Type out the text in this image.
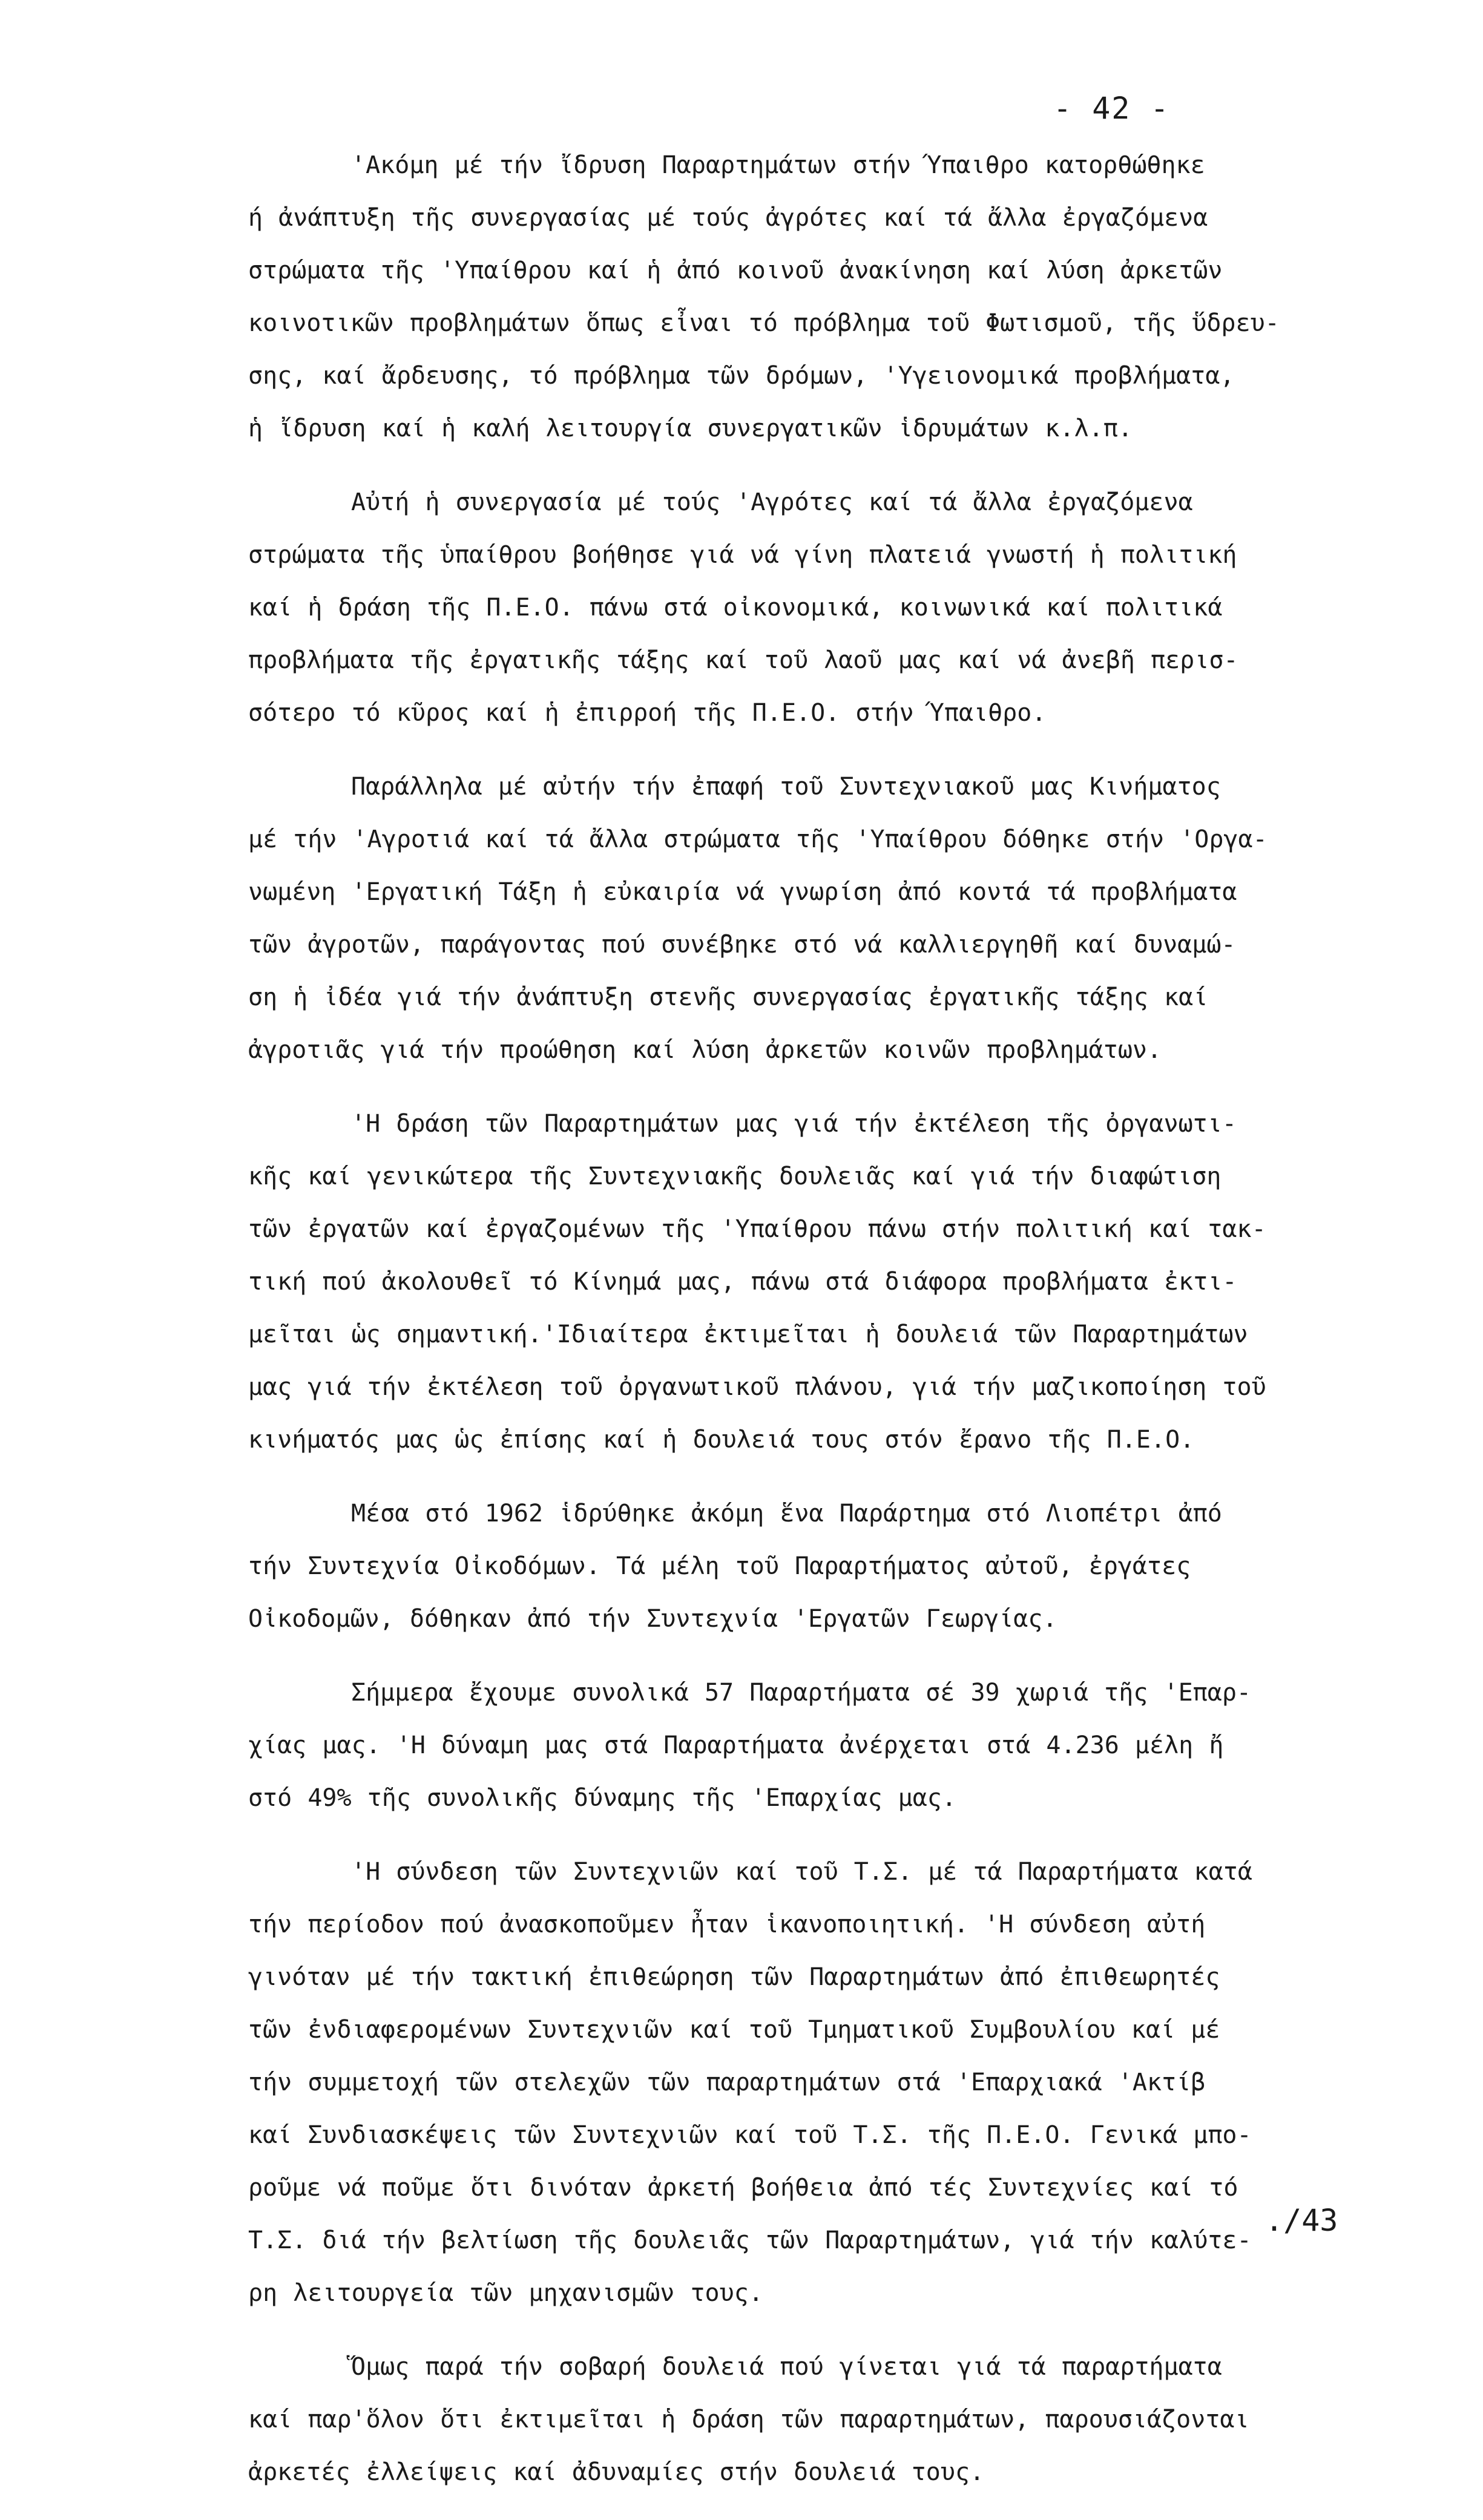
- 42 -
'Ακόμη μέ τήν ἴδρυση Παραρτημάτων στήν Ύπαιθρο κατορθώθηκε
ή ἀνάπτυξη τῆς συνεργασίας μέ τούς ἀγρότες καί τά ἄλλα ἐργαζόμενα
στρώματα τῆς 'Υπαίθρου καί ἡ ἀπό κοινοῦ ἀνακίνηση καί λύση ἀρκετῶν
κοινοτικῶν προβλημάτων ὅπως εἶναι τό πρόβλημα τοῦ Φωτισμοῦ, τῆς ὕδρευ-
σης, καί ἄρδευσης, τό πρόβλημα τῶν δρόμων, 'Υγειονομικά προβλήματα,
ἡ ἴδρυση καί ἡ καλή λειτουργία συνεργατικῶν ἱδρυμάτων κ.λ.π.
Αὐτή ἡ συνεργασία μέ τούς 'Αγρότες καί τά ἄλλα ἐργαζόμενα
στρώματα τῆς ὑπαίθρου βοήθησε γιά νά γίνη πλατειά γνωστή ἡ πολιτική
καί ἡ δράση τῆς Π.Ε.Ο. πάνω στά οἰκονομικά, κοινωνικά καί πολιτικά
προβλήματα τῆς ἐργατικῆς τάξης καί τοῦ λαοῦ μας καί νά ἀνεβῆ περισ-
σότερο τό κῦρος καί ἡ ἐπιρροή τῆς Π.Ε.Ο. στήν Ύπαιθρο.
Παράλληλα μέ αὐτήν τήν ἐπαφή τοῦ Συντεχνιακοῦ μας Κινήματος
μέ τήν 'Αγροτιά καί τά ἄλλα στρώματα τῆς 'Υπαίθρου δόθηκε στήν 'Οργα-
νωμένη 'Εργατική Τάξη ἡ εὐκαιρία νά γνωρίση ἀπό κοντά τά προβλήματα
τῶν ἀγροτῶν, παράγοντας πού συνέβηκε στό νά καλλιεργηθῆ καί δυναμώ-
ση ἡ ἰδέα γιά τήν ἀνάπτυξη στενῆς συνεργασίας ἐργατικῆς τάξης καί
ἀγροτιᾶς γιά τήν προώθηση καί λύση ἀρκετῶν κοινῶν προβλημάτων.
'Η δράση τῶν Παραρτημάτων μας γιά τήν ἐκτέλεση τῆς ὀργανωτι-
κῆς καί γενικώτερα τῆς Συντεχνιακῆς δουλειᾶς καί γιά τήν διαφώτιση
τῶν ἐργατῶν καί ἐργαζομένων τῆς 'Υπαίθρου πάνω στήν πολιτική καί τακ-
τική πού ἀκολουθεῖ τό Κίνημά μας, πάνω στά διάφορα προβλήματα ἐκτι-
μεῖται ὡς σημαντική.'Ιδιαίτερα ἐκτιμεῖται ἡ δουλειά τῶν Παραρτημάτων
μας γιά τήν ἐκτέλεση τοῦ ὀργανωτικοῦ πλάνου, γιά τήν μαζικοποίηση τοῦ
κινήματός μας ὡς ἐπίσης καί ἡ δουλειά τους στόν ἔρανο τῆς Π.Ε.Ο.
Μέσα στό 1962 ἱδρύθηκε ἀκόμη ἕνα Παράρτημα στό Λιοπέτρι ἀπό
τήν Συντεχνία Οἰκοδόμων. Τά μέλη τοῦ Παραρτήματος αὐτοῦ, ἐργάτες
Οἰκοδομῶν, δόθηκαν ἀπό τήν Συντεχνία 'Εργατῶν Γεωργίας.
Σήμμερα ἔχουμε συνολικά 57 Παραρτήματα σέ 39 χωριά τῆς 'Επαρ-
χίας μας. 'Η δύναμη μας στά Παραρτήματα ἀνέρχεται στά 4.236 μέλη ἤ
στό 49% τῆς συνολικῆς δύναμης τῆς 'Επαρχίας μας.
'Η σύνδεση τῶν Συντεχνιῶν καί τοῦ Τ.Σ. μέ τά Παραρτήματα κατά
τήν περίοδον πού ἀνασκοποῦμεν ἦταν ἱκανοποιητική. 'Η σύνδεση αὐτή
γινόταν μέ τήν τακτική ἐπιθεώρηση τῶν Παραρτημάτων ἀπό ἐπιθεωρητές
τῶν ἐνδιαφερομένων Συντεχνιῶν καί τοῦ Τμηματικοῦ Συμβουλίου καί μέ
τήν συμμετοχή τῶν στελεχῶν τῶν παραρτημάτων στά 'Επαρχιακά 'Ακτίβ
καί Συνδιασκέψεις τῶν Συντεχνιῶν καί τοῦ Τ.Σ. τῆς Π.Ε.Ο. Γενικά μπο-
ροῦμε νά ποῦμε ὅτι δινόταν ἀρκετή βοήθεια ἀπό τές Συντεχνίες καί τό
Τ.Σ. διά τήν βελτίωση τῆς δουλειᾶς τῶν Παραρτημάτων, γιά τήν καλύτε-
ρη λειτουργεία τῶν μηχανισμῶν τους.
Ὅμως παρά τήν σοβαρή δουλειά πού γίνεται γιά τά παραρτήματα
καί παρ'ὅλον ὅτι ἐκτιμεῖται ἡ δράση τῶν παραρτημάτων, παρουσιάζονται
ἀρκετές ἐλλείψεις καί ἀδυναμίες στήν δουλειά τους.
./43
